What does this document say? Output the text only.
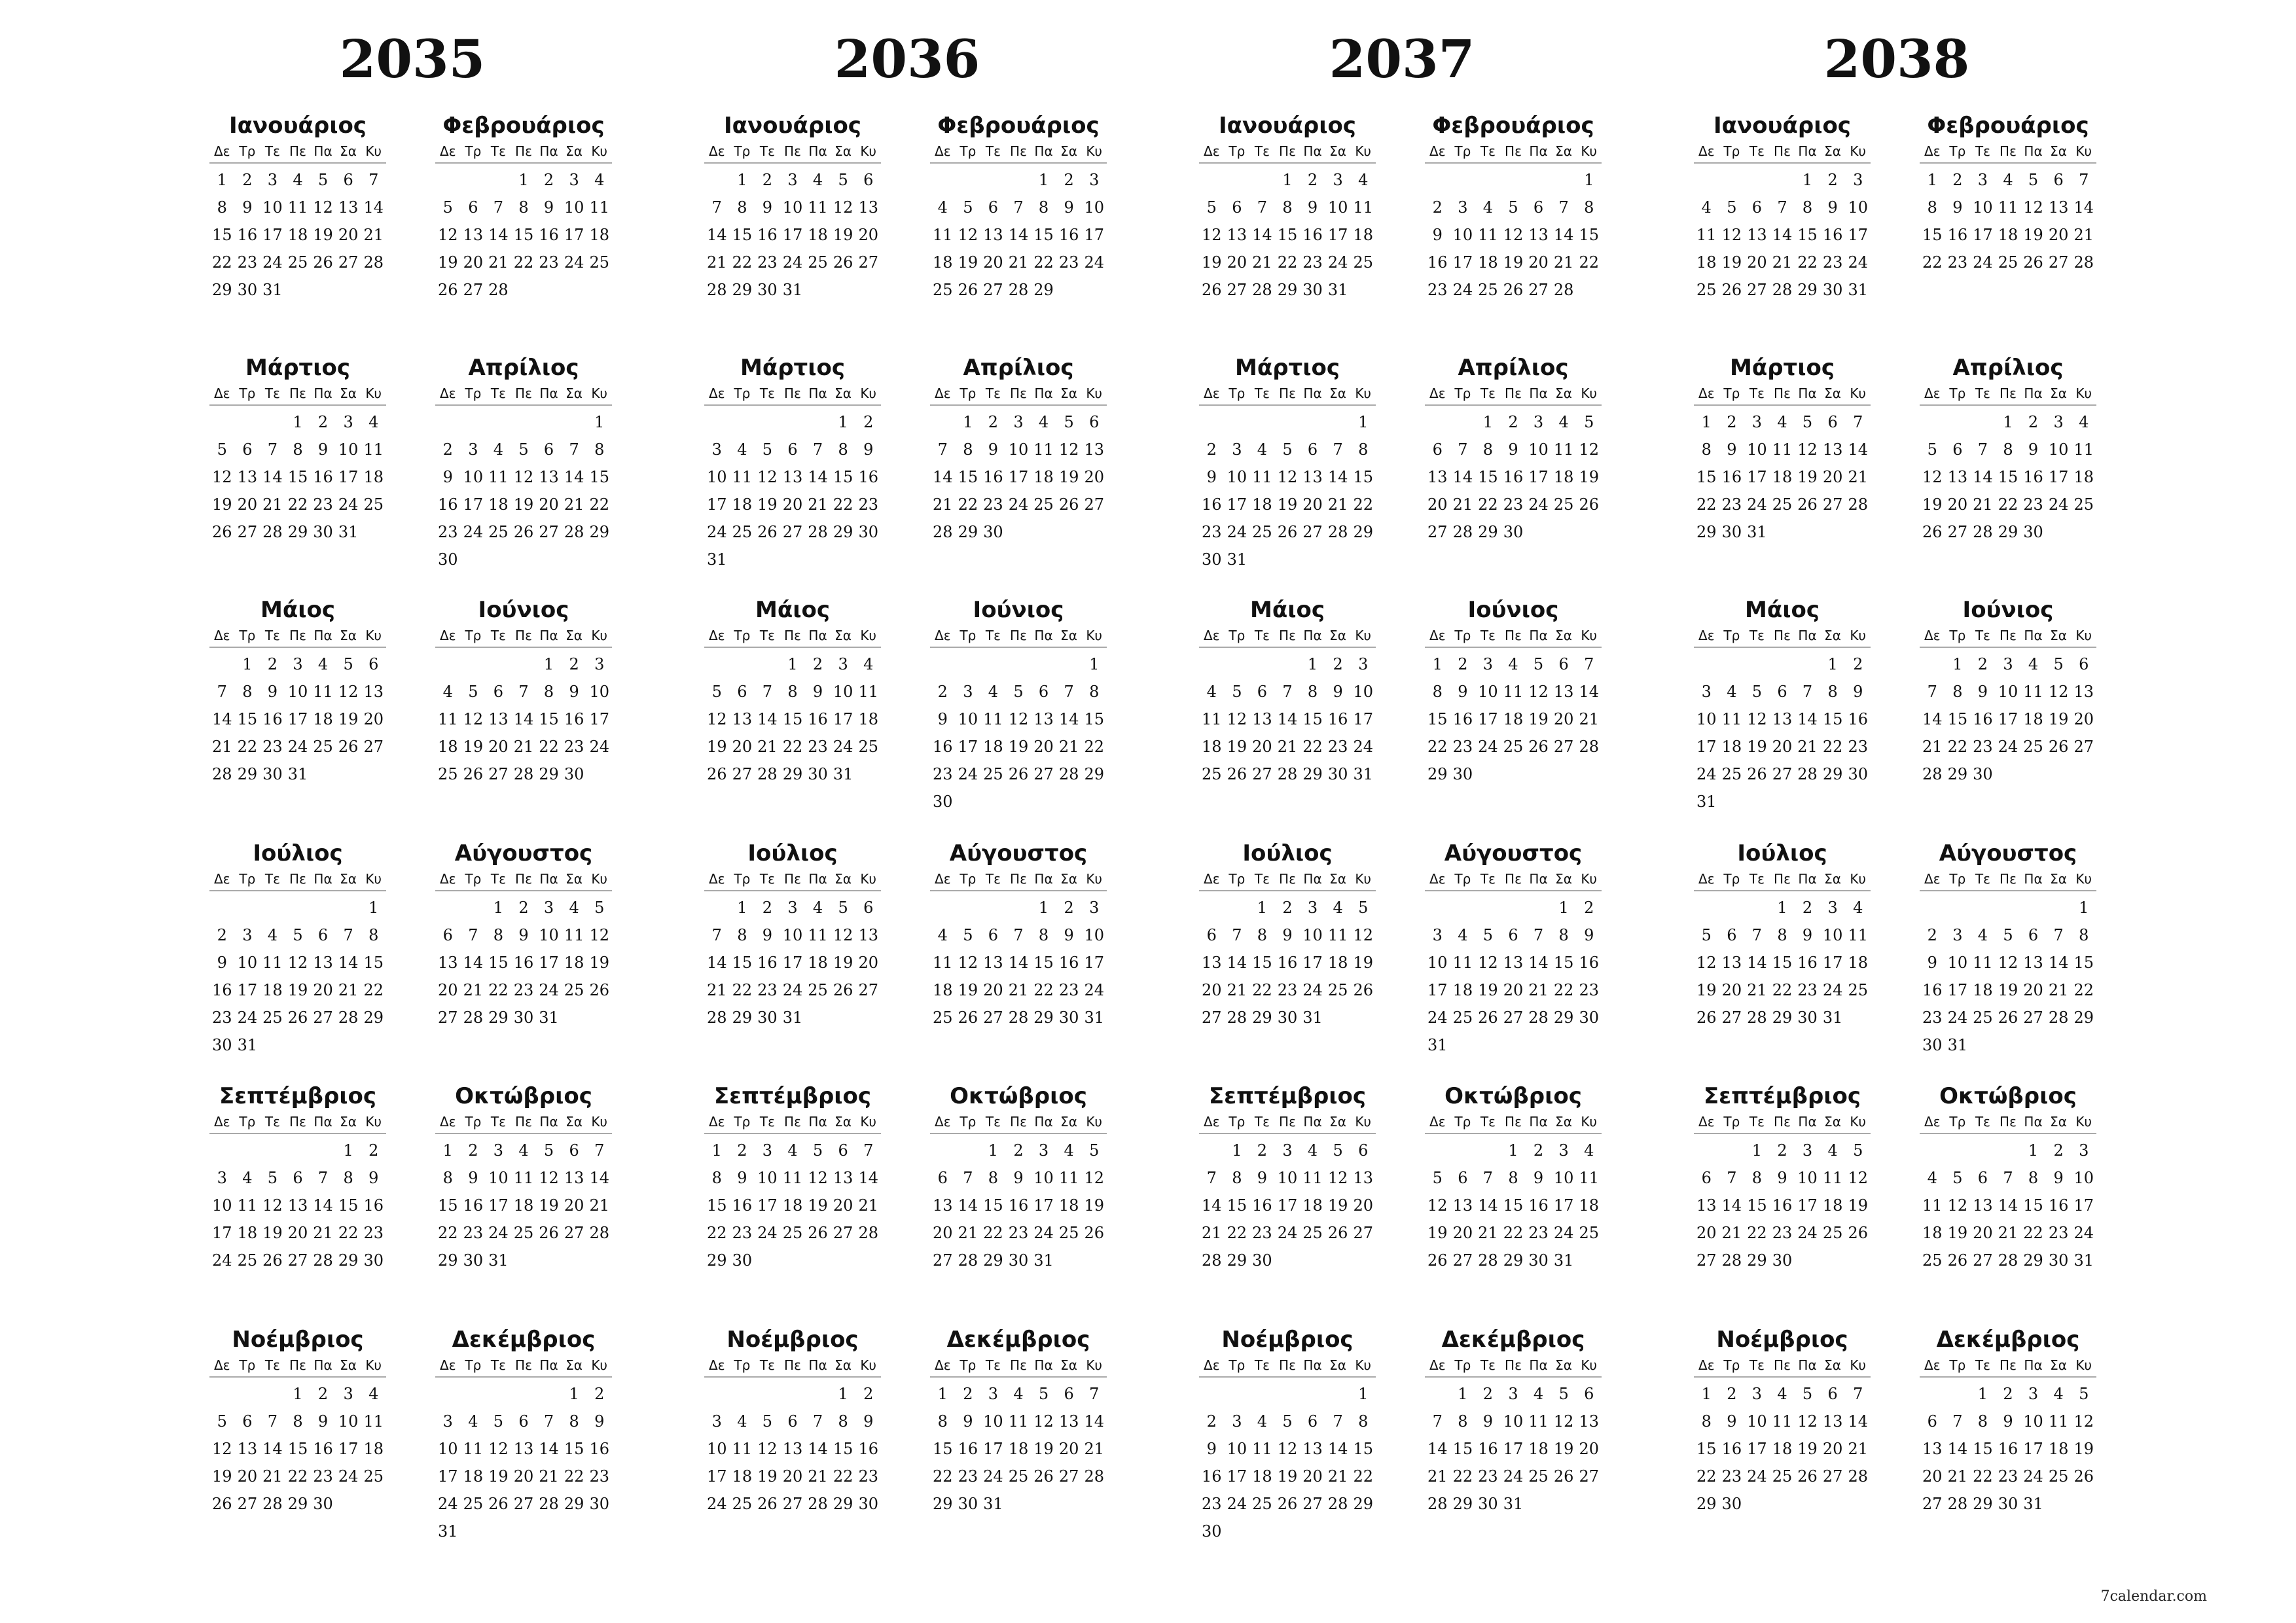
2035
Ιανουάριος
Δε Τρ Τε Πε Πα Σα Κυ
1 2 3 4 5 6 7
8 9 10 11 12 13 14
15 16 17 18 19 20 21
22 23 24 25 26 27 28
29 30 31
Φεβρουάριος
Δε Τρ Τε Πε Πα Σα Κυ
1 2 3 4
5 6 7 8 9 10 11
12 13 14 15 16 17 18
19 20 21 22 23 24 25
26 27 28
Μάρτιος
Δε Τρ Τε Πε Πα Σα Κυ
1 2 3 4
5 6 7 8 9 10 11
12 13 14 15 16 17 18
19 20 21 22 23 24 25
26 27 28 29 30 31
Απρίλιος
Δε Τρ Τε Πε Πα Σα Κυ
1
2 3 4 5 6 7 8
9 10 11 12 13 14 15
16 17 18 19 20 21 22
23 24 25 26 27 28 29
30
Μάιος
Δε Τρ Τε Πε Πα Σα Κυ
1 2 3 4 5 6
7 8 9 10 11 12 13
14 15 16 17 18 19 20
21 22 23 24 25 26 27
28 29 30 31
Ιούνιος
Δε Τρ Τε Πε Πα Σα Κυ
1 2 3
4 5 6 7 8 9 10
11 12 13 14 15 16 17
18 19 20 21 22 23 24
25 26 27 28 29 30
Ιούλιος
Δε Τρ Τε Πε Πα Σα Κυ
1
2 3 4 5 6 7 8
9 10 11 12 13 14 15
16 17 18 19 20 21 22
23 24 25 26 27 28 29
30 31
Αύγουστος
Δε Τρ Τε Πε Πα Σα Κυ
1 2 3 4 5
6 7 8 9 10 11 12
13 14 15 16 17 18 19
20 21 22 23 24 25 26
27 28 29 30 31
Σεπτέμβριος
Δε Τρ Τε Πε Πα Σα Κυ
1 2
3 4 5 6 7 8 9
10 11 12 13 14 15 16
17 18 19 20 21 22 23
24 25 26 27 28 29 30
Οκτώβριος
Δε Τρ Τε Πε Πα Σα Κυ
1 2 3 4 5 6 7
8 9 10 11 12 13 14
15 16 17 18 19 20 21
22 23 24 25 26 27 28
29 30 31
Νοέμβριος
Δε Τρ Τε Πε Πα Σα Κυ
1 2 3 4
5 6 7 8 9 10 11
12 13 14 15 16 17 18
19 20 21 22 23 24 25
26 27 28 29 30
Δεκέμβριος
Δε Τρ Τε Πε Πα Σα Κυ
1 2
3 4 5 6 7 8 9
10 11 12 13 14 15 16
17 18 19 20 21 22 23
24 25 26 27 28 29 30
31
2036
Ιανουάριος
Δε Τρ Τε Πε Πα Σα Κυ
1 2 3 4 5 6
7 8 9 10 11 12 13
14 15 16 17 18 19 20
21 22 23 24 25 26 27
28 29 30 31
Φεβρουάριος
Δε Τρ Τε Πε Πα Σα Κυ
1 2 3
4 5 6 7 8 9 10
11 12 13 14 15 16 17
18 19 20 21 22 23 24
25 26 27 28 29
Μάρτιος
Δε Τρ Τε Πε Πα Σα Κυ
1 2
3 4 5 6 7 8 9
10 11 12 13 14 15 16
17 18 19 20 21 22 23
24 25 26 27 28 29 30
31
Απρίλιος
Δε Τρ Τε Πε Πα Σα Κυ
1 2 3 4 5 6
7 8 9 10 11 12 13
14 15 16 17 18 19 20
21 22 23 24 25 26 27
28 29 30
Μάιος
Δε Τρ Τε Πε Πα Σα Κυ
1 2 3 4
5 6 7 8 9 10 11
12 13 14 15 16 17 18
19 20 21 22 23 24 25
26 27 28 29 30 31
Ιούνιος
Δε Τρ Τε Πε Πα Σα Κυ
1
2 3 4 5 6 7 8
9 10 11 12 13 14 15
16 17 18 19 20 21 22
23 24 25 26 27 28 29
30
Ιούλιος
Δε Τρ Τε Πε Πα Σα Κυ
1 2 3 4 5 6
7 8 9 10 11 12 13
14 15 16 17 18 19 20
21 22 23 24 25 26 27
28 29 30 31
Αύγουστος
Δε Τρ Τε Πε Πα Σα Κυ
1 2 3
4 5 6 7 8 9 10
11 12 13 14 15 16 17
18 19 20 21 22 23 24
25 26 27 28 29 30 31
Σεπτέμβριος
Δε Τρ Τε Πε Πα Σα Κυ
1 2 3 4 5 6 7
8 9 10 11 12 13 14
15 16 17 18 19 20 21
22 23 24 25 26 27 28
29 30
Οκτώβριος
Δε Τρ Τε Πε Πα Σα Κυ
1 2 3 4 5
6 7 8 9 10 11 12
13 14 15 16 17 18 19
20 21 22 23 24 25 26
27 28 29 30 31
Νοέμβριος
Δε Τρ Τε Πε Πα Σα Κυ
1 2
3 4 5 6 7 8 9
10 11 12 13 14 15 16
17 18 19 20 21 22 23
24 25 26 27 28 29 30
Δεκέμβριος
Δε Τρ Τε Πε Πα Σα Κυ
1 2 3 4 5 6 7
8 9 10 11 12 13 14
15 16 17 18 19 20 21
22 23 24 25 26 27 28
29 30 31
2037
Ιανουάριος
Δε Τρ Τε Πε Πα Σα Κυ
1 2 3 4
5 6 7 8 9 10 11
12 13 14 15 16 17 18
19 20 21 22 23 24 25
26 27 28 29 30 31
Φεβρουάριος
Δε Τρ Τε Πε Πα Σα Κυ
1
2 3 4 5 6 7 8
9 10 11 12 13 14 15
16 17 18 19 20 21 22
23 24 25 26 27 28
Μάρτιος
Δε Τρ Τε Πε Πα Σα Κυ
1
2 3 4 5 6 7 8
9 10 11 12 13 14 15
16 17 18 19 20 21 22
23 24 25 26 27 28 29
30 31
Απρίλιος
Δε Τρ Τε Πε Πα Σα Κυ
1 2 3 4 5
6 7 8 9 10 11 12
13 14 15 16 17 18 19
20 21 22 23 24 25 26
27 28 29 30
Μάιος
Δε Τρ Τε Πε Πα Σα Κυ
1 2 3
4 5 6 7 8 9 10
11 12 13 14 15 16 17
18 19 20 21 22 23 24
25 26 27 28 29 30 31
Ιούνιος
Δε Τρ Τε Πε Πα Σα Κυ
1 2 3 4 5 6 7
8 9 10 11 12 13 14
15 16 17 18 19 20 21
22 23 24 25 26 27 28
29 30
Ιούλιος
Δε Τρ Τε Πε Πα Σα Κυ
1 2 3 4 5
6 7 8 9 10 11 12
13 14 15 16 17 18 19
20 21 22 23 24 25 26
27 28 29 30 31
Αύγουστος
Δε Τρ Τε Πε Πα Σα Κυ
1 2
3 4 5 6 7 8 9
10 11 12 13 14 15 16
17 18 19 20 21 22 23
24 25 26 27 28 29 30
31
Σεπτέμβριος
Δε Τρ Τε Πε Πα Σα Κυ
1 2 3 4 5 6
7 8 9 10 11 12 13
14 15 16 17 18 19 20
21 22 23 24 25 26 27
28 29 30
Οκτώβριος
Δε Τρ Τε Πε Πα Σα Κυ
1 2 3 4
5 6 7 8 9 10 11
12 13 14 15 16 17 18
19 20 21 22 23 24 25
26 27 28 29 30 31
Νοέμβριος
Δε Τρ Τε Πε Πα Σα Κυ
1
2 3 4 5 6 7 8
9 10 11 12 13 14 15
16 17 18 19 20 21 22
23 24 25 26 27 28 29
30
Δεκέμβριος
Δε Τρ Τε Πε Πα Σα Κυ
1 2 3 4 5 6
7 8 9 10 11 12 13
14 15 16 17 18 19 20
21 22 23 24 25 26 27
28 29 30 31
2038
Ιανουάριος
Δε Τρ Τε Πε Πα Σα Κυ
1 2 3
4 5 6 7 8 9 10
11 12 13 14 15 16 17
18 19 20 21 22 23 24
25 26 27 28 29 30 31
Φεβρουάριος
Δε Τρ Τε Πε Πα Σα Κυ
1 2 3 4 5 6 7
8 9 10 11 12 13 14
15 16 17 18 19 20 21
22 23 24 25 26 27 28
Μάρτιος
Δε Τρ Τε Πε Πα Σα Κυ
1 2 3 4 5 6 7
8 9 10 11 12 13 14
15 16 17 18 19 20 21
22 23 24 25 26 27 28
29 30 31
Απρίλιος
Δε Τρ Τε Πε Πα Σα Κυ
1 2 3 4
5 6 7 8 9 10 11
12 13 14 15 16 17 18
19 20 21 22 23 24 25
26 27 28 29 30
Μάιος
Δε Τρ Τε Πε Πα Σα Κυ
1 2
3 4 5 6 7 8 9
10 11 12 13 14 15 16
17 18 19 20 21 22 23
24 25 26 27 28 29 30
31
Ιούνιος
Δε Τρ Τε Πε Πα Σα Κυ
1 2 3 4 5 6
7 8 9 10 11 12 13
14 15 16 17 18 19 20
21 22 23 24 25 26 27
28 29 30
Ιούλιος
Δε Τρ Τε Πε Πα Σα Κυ
1 2 3 4
5 6 7 8 9 10 11
12 13 14 15 16 17 18
19 20 21 22 23 24 25
26 27 28 29 30 31
Αύγουστος
Δε Τρ Τε Πε Πα Σα Κυ
1
2 3 4 5 6 7 8
9 10 11 12 13 14 15
16 17 18 19 20 21 22
23 24 25 26 27 28 29
30 31
Σεπτέμβριος
Δε Τρ Τε Πε Πα Σα Κυ
1 2 3 4 5
6 7 8 9 10 11 12
13 14 15 16 17 18 19
20 21 22 23 24 25 26
27 28 29 30
Οκτώβριος
Δε Τρ Τε Πε Πα Σα Κυ
1 2 3
4 5 6 7 8 9 10
11 12 13 14 15 16 17
18 19 20 21 22 23 24
25 26 27 28 29 30 31
Νοέμβριος
Δε Τρ Τε Πε Πα Σα Κυ
1 2 3 4 5 6 7
8 9 10 11 12 13 14
15 16 17 18 19 20 21
22 23 24 25 26 27 28
29 30
Δεκέμβριος
Δε Τρ Τε Πε Πα Σα Κυ
1 2 3 4 5
6 7 8 9 10 11 12
13 14 15 16 17 18 19
20 21 22 23 24 25 26
27 28 29 30 31
7calendar.com
